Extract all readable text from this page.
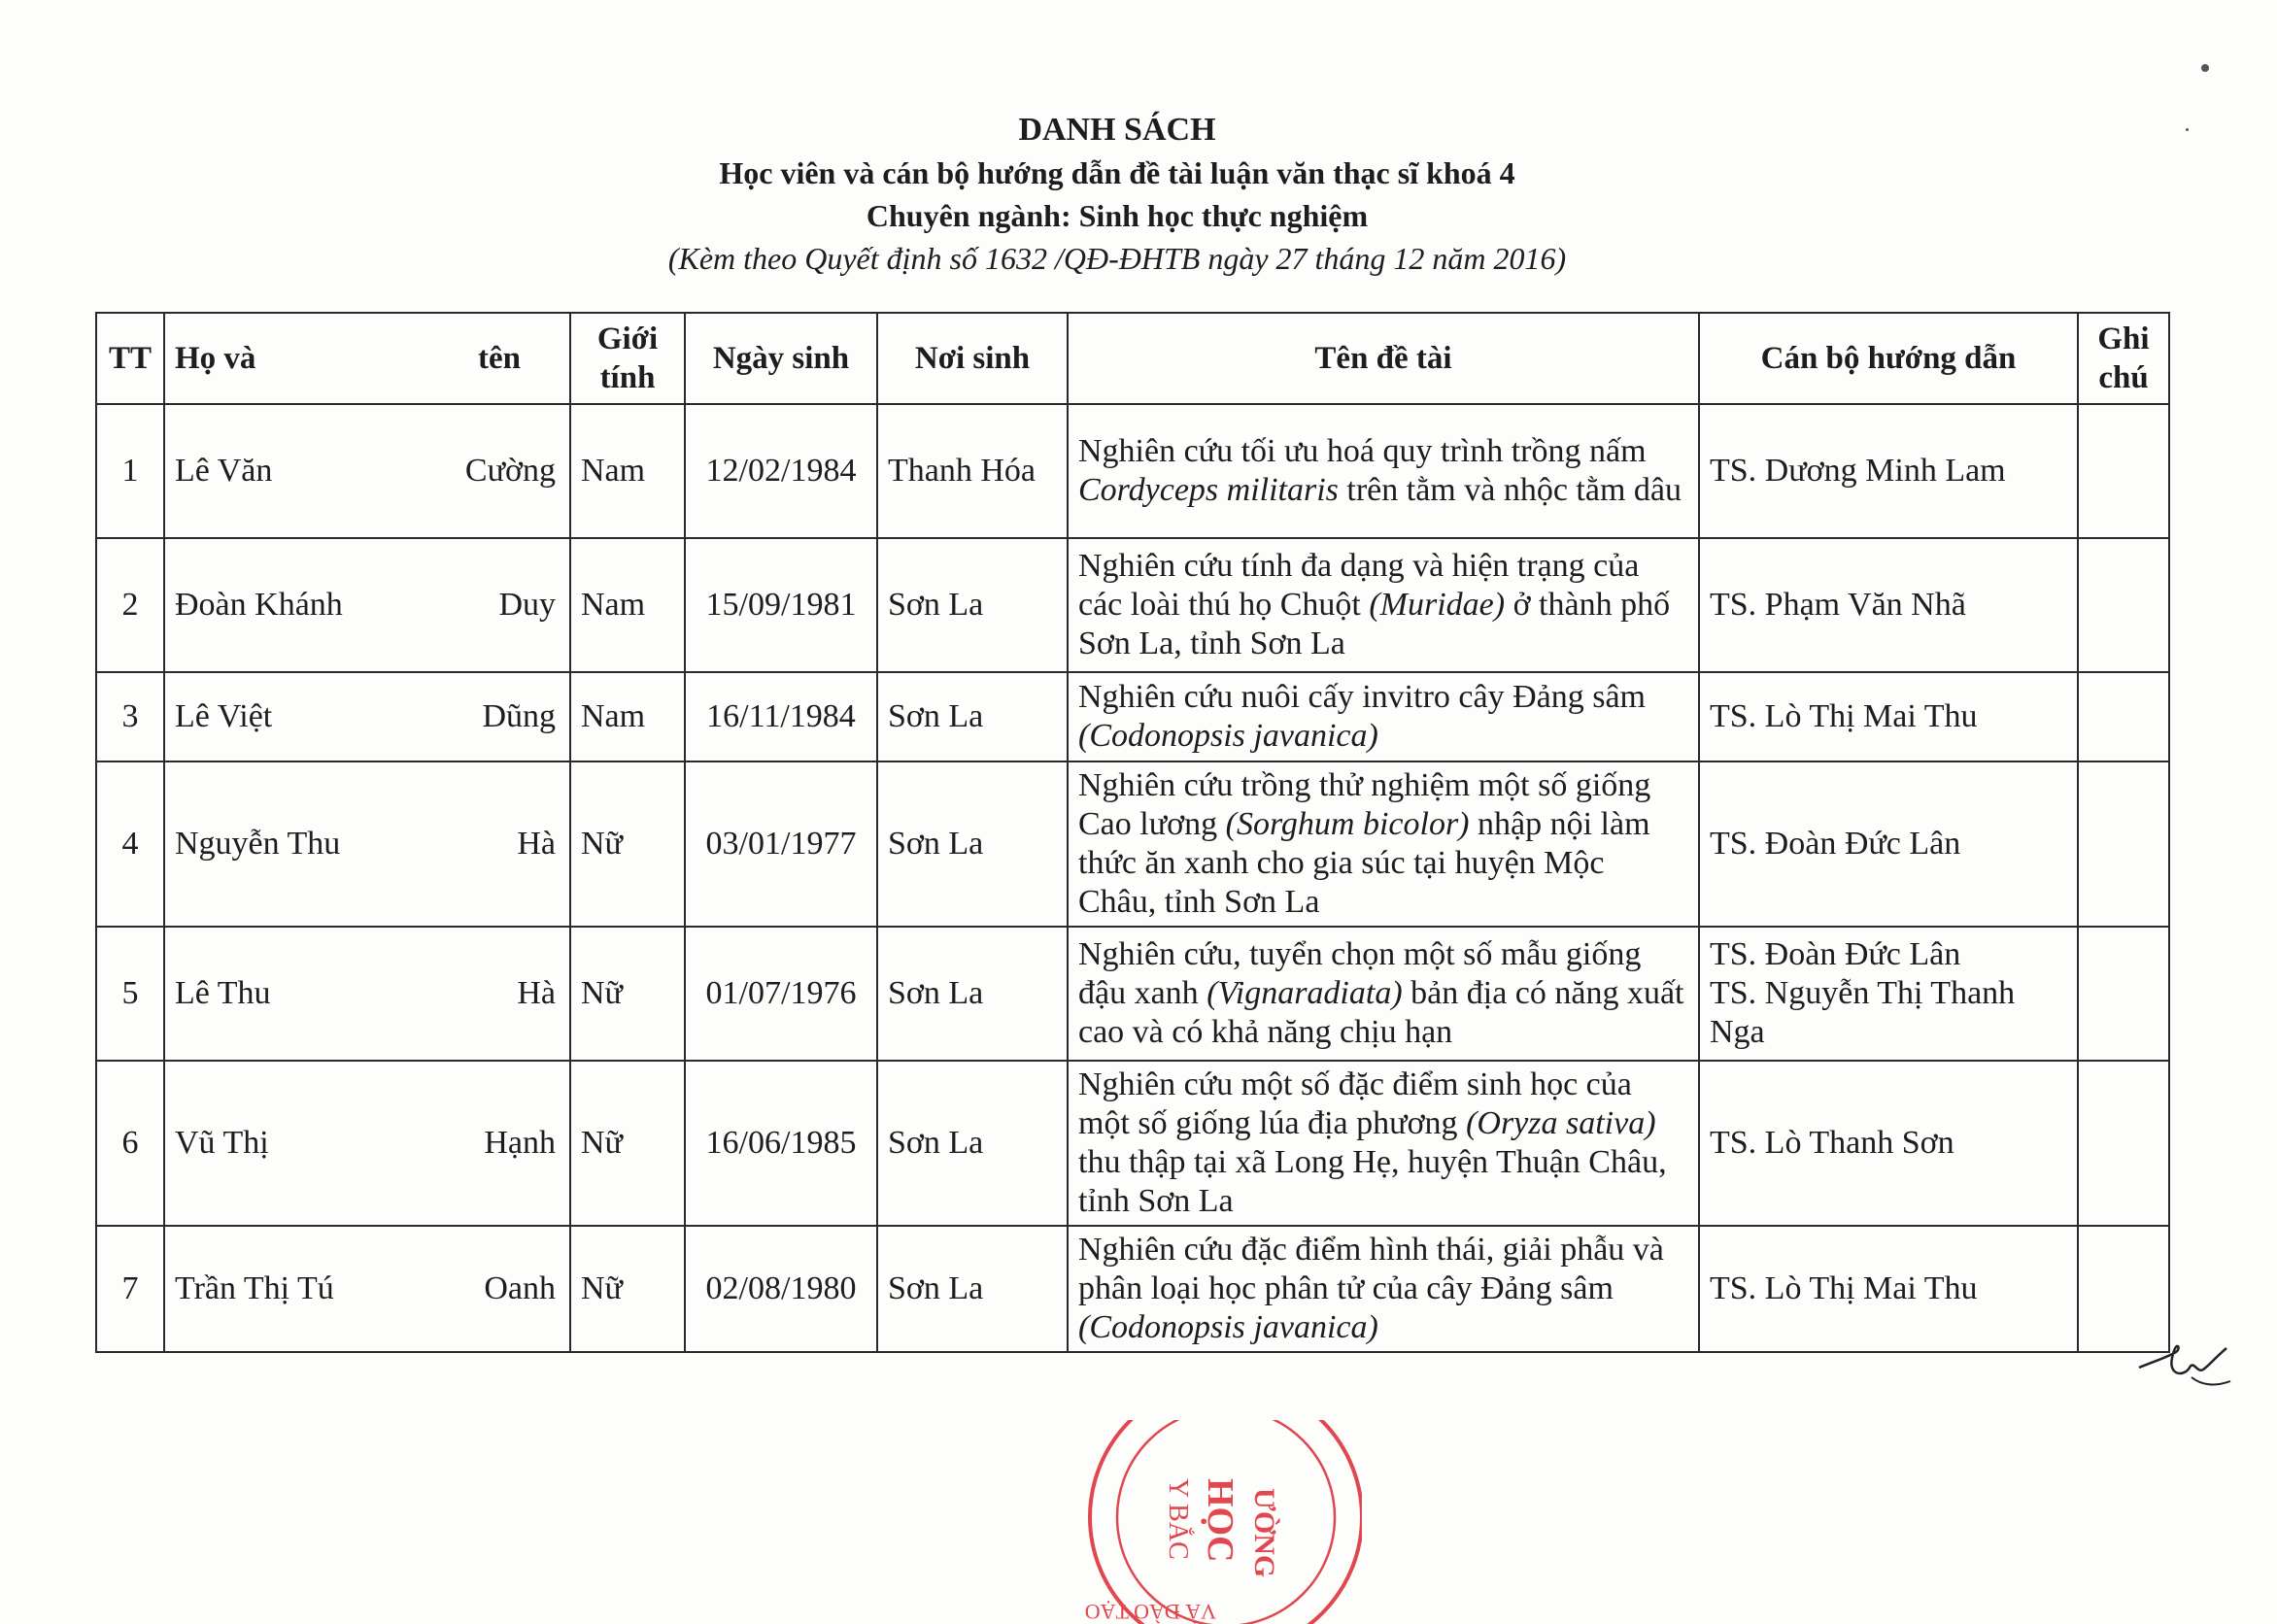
DANH SÁCH
Học viên và cán bộ hướng dẫn đề tài luận văn thạc sĩ khoá 4
Chuyên ngành: Sinh học thực nghiệm
(Kèm theo Quyết định số 1632 /QĐ-ĐHTB ngày 27 tháng 12 năm 2016)
TT	Họ và tên	Giới tính	Ngày sinh	Nơi sinh	Tên đề tài	Cán bộ hướng dẫn	Ghi chú
1	Lê Văn Cường	Nam	12/02/1984	Thanh Hóa	Nghiên cứu tối ưu hoá quy trình trồng nấm Cordyceps militaris trên tằm và nhộc tằm dâu	TS. Dương Minh Lam	

2	Đoàn Khánh Duy	Nam	15/09/1981	Sơn La	Nghiên cứu tính đa dạng và hiện trạng của các loài thú họ Chuột (Muridae) ở thành phố Sơn La, tỉnh Sơn La	TS. Phạm Văn Nhã	

3	Lê Việt Dũng	Nam	16/11/1984	Sơn La	Nghiên cứu nuôi cấy invitro cây Đảng sâm (Codonopsis javanica)	TS. Lò Thị Mai Thu	

4	Nguyễn Thu Hà	Nữ	03/01/1977	Sơn La	Nghiên cứu trồng thử nghiệm một số giống Cao lương (Sorghum bicolor) nhập nội làm thức ăn xanh cho gia súc tại huyện Mộc Châu, tỉnh Sơn La	TS. Đoàn Đức Lân	

5	Lê Thu Hà	Nữ	01/07/1976	Sơn La	Nghiên cứu, tuyển chọn một số mẫu giống đậu xanh (Vignaradiata) bản địa có năng xuất cao và có khả năng chịu hạn	TS. Đoàn Đức Lân
TS. Nguyễn Thị Thanh Nga	

6	Vũ Thị Hạnh	Nữ	16/06/1985	Sơn La	Nghiên cứu một số đặc điểm sinh học của một số giống lúa địa phương (Oryza sativa) thu thập tại xã Long Hẹ, huyện Thuận Châu, tỉnh Sơn La	TS. Lò Thanh Sơn	

7	Trần Thị Tú Oanh	Nữ	02/08/1980	Sơn La	Nghiên cứu đặc điểm hình thái, giải phẫu và phân loại học phân tử của cây Đảng sâm (Codonopsis javanica)	TS. Lò Thị Mai Thu	

ƯỜNG
HỌC
Y BẮC
VÀ ĐÀO TẠO
